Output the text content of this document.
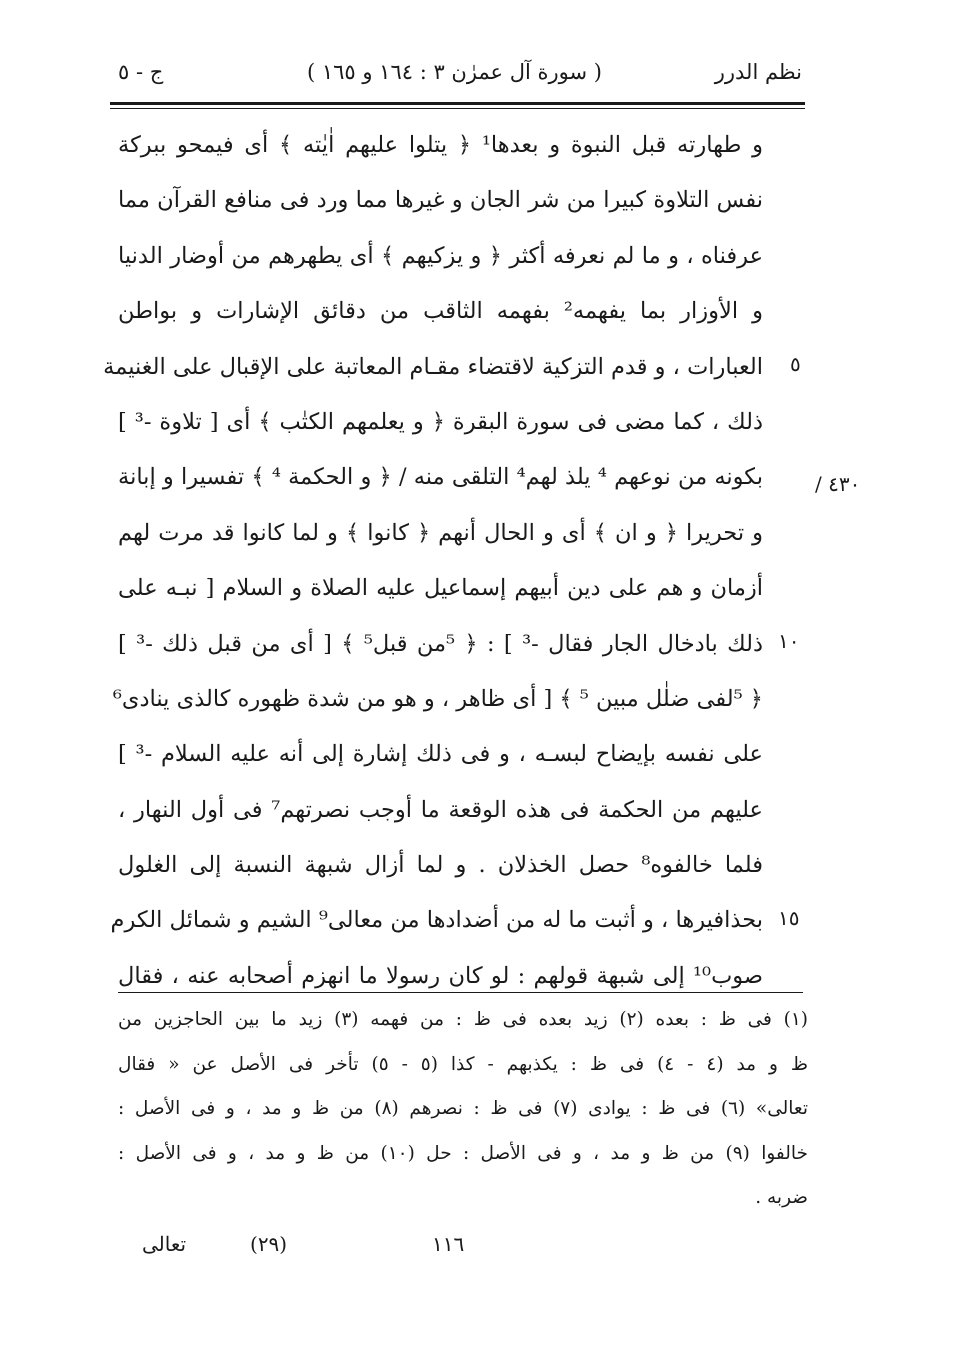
نظم الدرر
( سورة آل عمرٰن ٣ : ١٦٤ و ١٦٥ )
ج - ٥
و طهارته قبل النبوة و بعدها¹ ﴿ يتلوا عليهم اٰيٰته ﴾ أى فيمحو ببركة
نفس التلاوة كبيرا من شر الجان و غيرها مما ورد فى منافع القرآن مما
عرفناه ، و ما لم نعرفه أكثر ﴿ و يزكيهم ﴾ أى يطهرهم من أوضار الدنيا
و الأوزار بما يفهمه² بفهمه الثاقب من دقائق الإشارات و بواطن
العبارات ، و قدم التزكية لاقتضاء مقـام المعاتبة على الإقبال على الغنيمة
ذلك ، كما مضى فى سورة البقرة ﴿ و يعلمهم الكتٰب ﴾ أى [ تلاوة -³ ]
بكونه من نوعهم ⁴ يلذ لهم⁴ التلقى منه / ﴿ و الحكمة ⁴ ﴾ تفسيرا و إبانة
و تحريرا ﴿ و ان ﴾ أى و الحال أنهم ﴿ كانوا ﴾ و لما كانوا قد مرت لهم
أزمان و هم على دين أبيهم إسماعيل عليه الصلاة و السلام [ نبـه على
ذلك بادخال الجار فقال -³ ] : ﴿ ⁵من قبل⁵ ﴾ [ أى من قبل ذلك -³ ]
﴿ ⁵لفى ضلٰل مبين ⁵ ﴾ [ أى ظاهر ، و هو من شدة ظهوره كالذى ينادى⁶
على نفسه بإيضاح لبسـه ، و فى ذلك إشارة إلى أنه عليه السلام -³ ]
عليهم من الحكمة فى هذه الوقعة ما أوجب نصرتهم⁷ فى أول النهار ،
فلما خالفوه⁸ حصل الخذلان . و لما أزال شبهة النسبة إلى الغلول
بحذافيرها ، و أثبت ما له من أضدادها من معالى⁹ الشيم و شمائل الكرم
صوب¹⁰ إلى شبهة قولهم : لو كان رسولا ما انهزم أصحابه عنه ، فقال
٥
١٠
١٥
٤٣٠ /
(١) فى ظ : بعده (٢) زيد بعده فى ظ : من فهمه (٣) زيد ما بين الحاجزين من
ظ و مد (٤ - ٤) فى ظ : يكذبهم - كذا (٥ - ٥) تأخر فى الأصل عن « فقال
تعالى» (٦) فى ظ : يوادى (٧) فى ظ : نصرهم (٨) من ظ و مد ، و فى الأصل :
خالفوا (٩) من ظ و مد ، و فى الأصل : حل (١٠) من ظ و مد ، و فى الأصل :
ضربه .
تعالى	(٢٩)	١١٦
